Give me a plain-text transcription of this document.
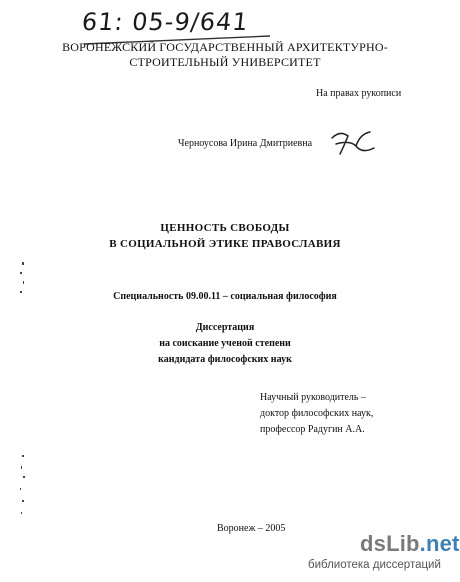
61: 05-9/641
ВОРОНЕЖСКИЙ ГОСУДАРСТВЕННЫЙ АРХИТЕКТУРНО-
СТРОИТЕЛЬНЫЙ УНИВЕРСИТЕТ
На правах рукописи
Черноусова Ирина Дмитриевна
ЦЕННОСТЬ СВОБОДЫ
В СОЦИАЛЬНОЙ ЭТИКЕ ПРАВОСЛАВИЯ
Специальность 09.00.11 – социальная философия
Диссертация
на соискание ученой степени
кандидата философских наук
Научный руководитель –
доктор философских наук,
профессор Радугин А.А.
Воронеж – 2005
dsLib.net
библиотека диссертаций
